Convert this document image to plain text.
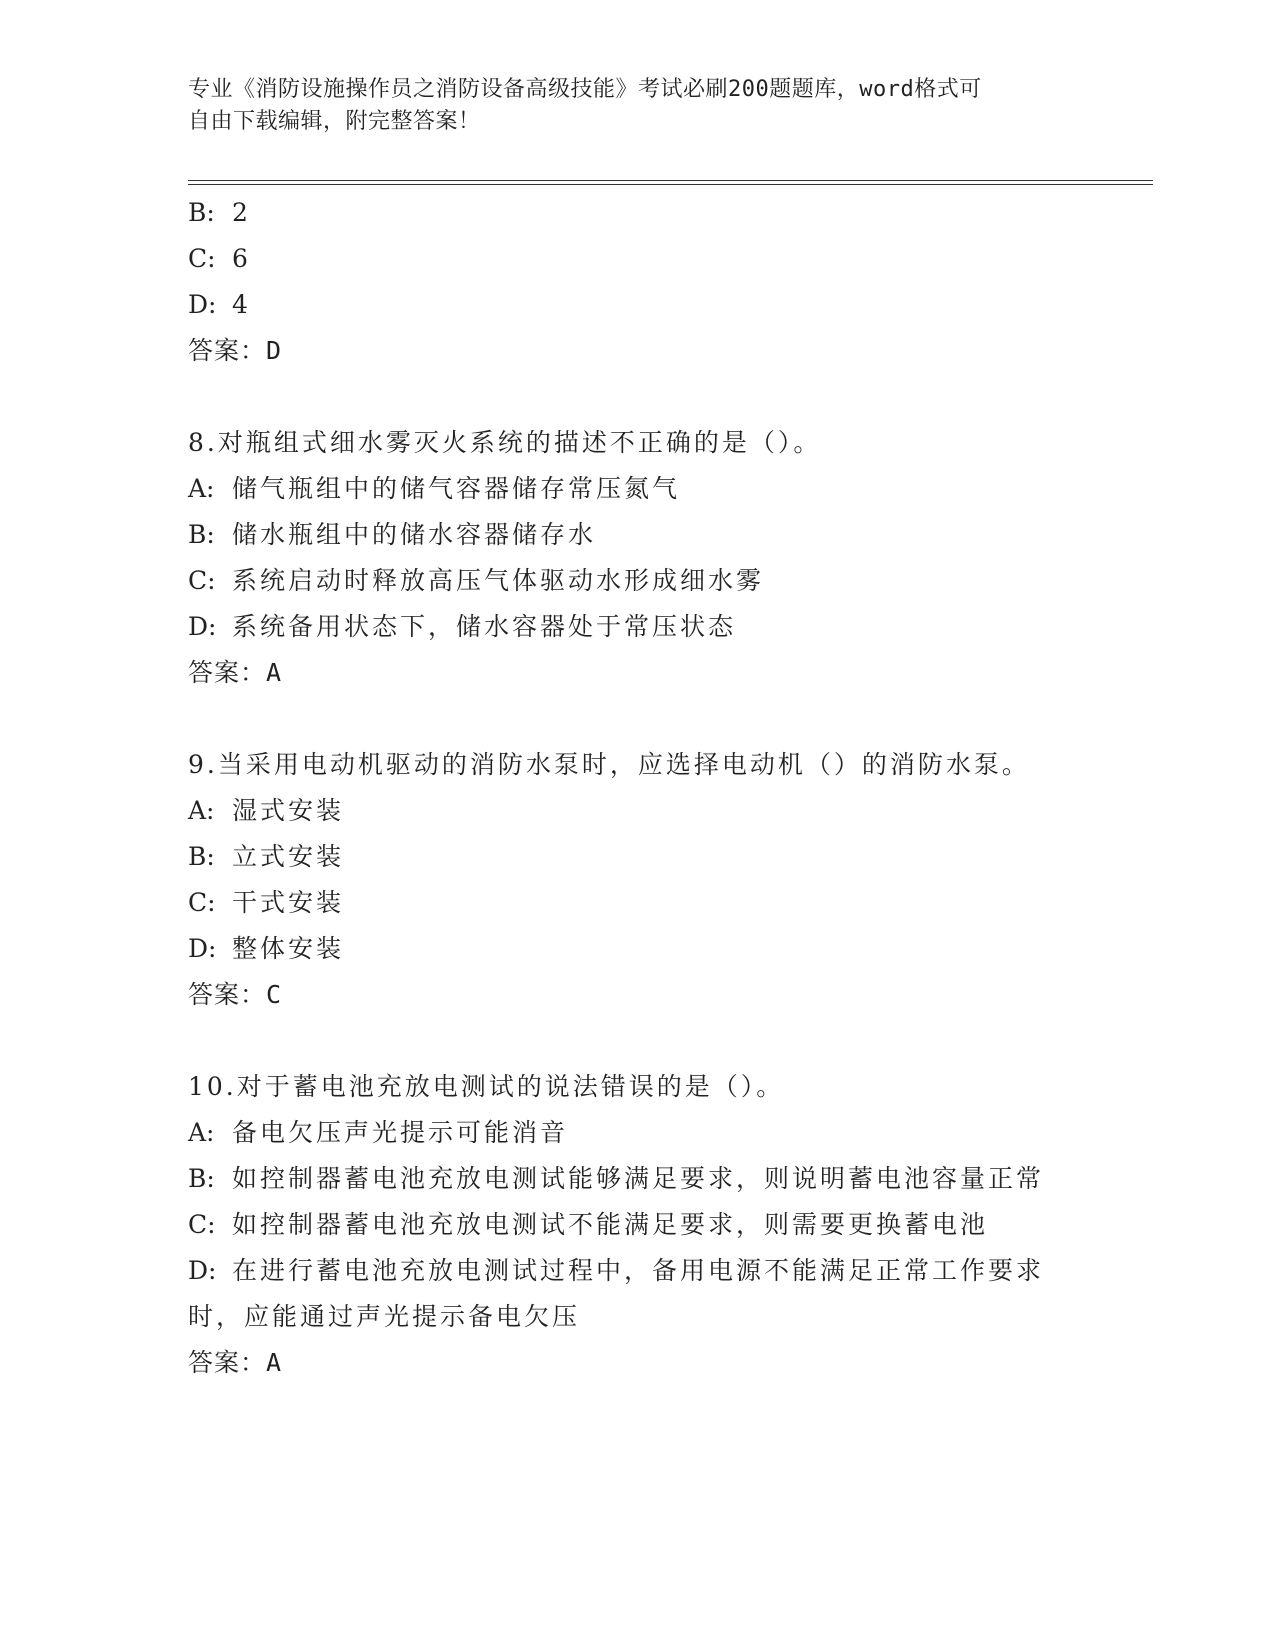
专业《消防设施操作员之消防设备高级技能》考试必刷200题题库，word格式可
自由下载编辑，附完整答案！
B: 2
C: 6
D: 4
答案：D
8.对瓶组式细水雾灭火系统的描述不正确的是（）。
A: 储气瓶组中的储气容器储存常压氮气
B: 储水瓶组中的储水容器储存水
C: 系统启动时释放高压气体驱动水形成细水雾
D: 系统备用状态下，储水容器处于常压状态
答案：A
9.当采用电动机驱动的消防水泵时，应选择电动机（）的消防水泵。
A: 湿式安装
B: 立式安装
C: 干式安装
D: 整体安装
答案：C
10.对于蓄电池充放电测试的说法错误的是（）。
A: 备电欠压声光提示可能消音
B: 如控制器蓄电池充放电测试能够满足要求，则说明蓄电池容量正常
C: 如控制器蓄电池充放电测试不能满足要求，则需要更换蓄电池
D: 在进行蓄电池充放电测试过程中，备用电源不能满足正常工作要求
时，应能通过声光提示备电欠压
答案：A
